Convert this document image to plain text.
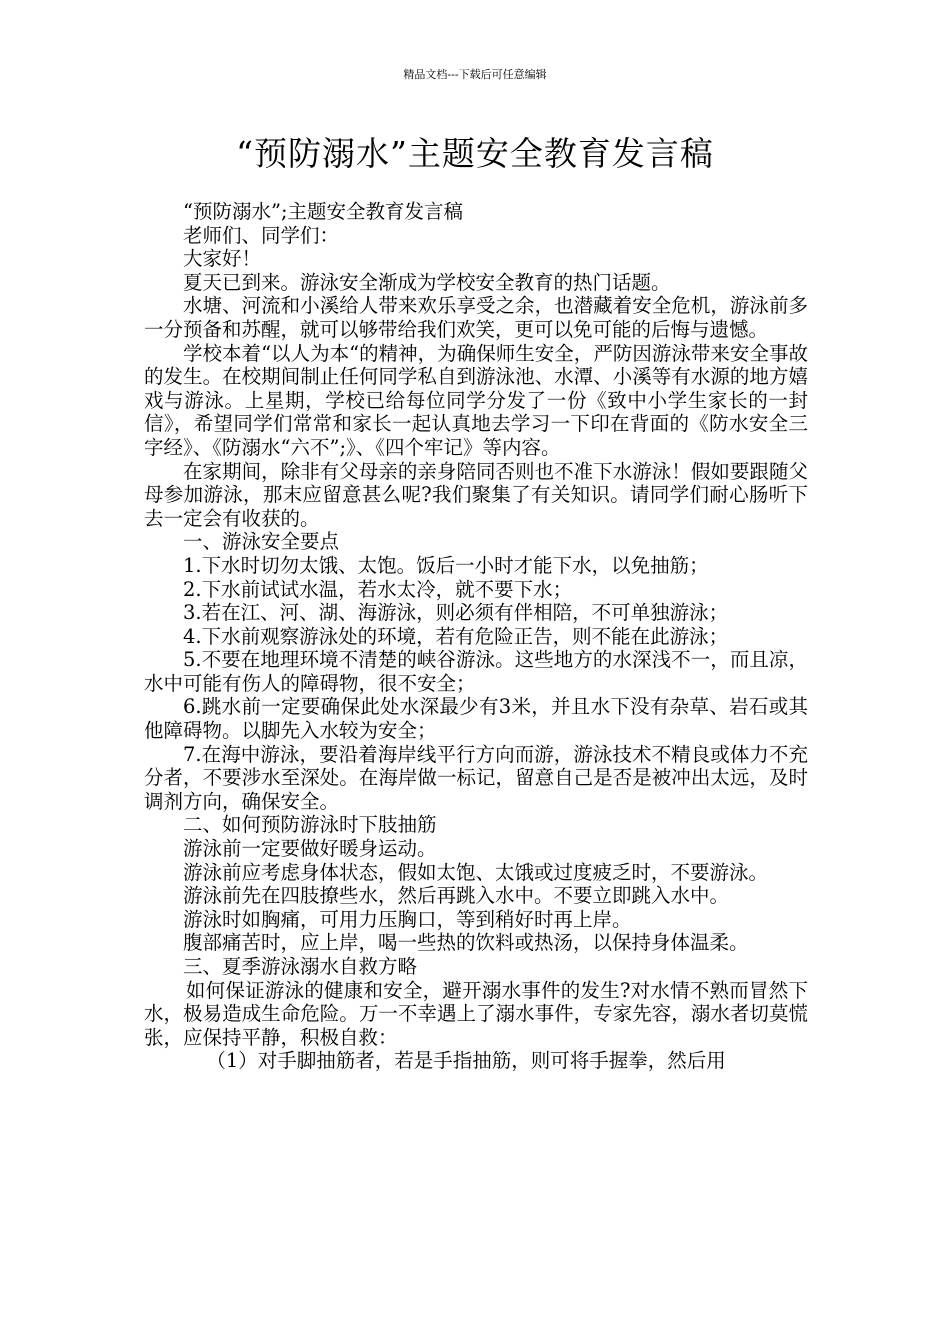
精品文档---下载后可任意编辑
“预防溺水”主题安全教育发言稿

“预防溺水”;主题安全教育发言稿

老师们、同学们：

大家好！

夏天已到来。游泳安全渐成为学校安全教育的热门话题。

水塘、河流和小溪给人带来欢乐享受之余，也潜藏着安全危机，游泳前多一分预备和苏醒，就可以够带给我们欢笑，更可以免可能的后悔与遗憾。

学校本着“以人为本“的精神，为确保师生安全，严防因游泳带来安全事故的发生。在校期间制止任何同学私自到游泳池、水潭、小溪等有水源的地方嬉戏与游泳。上星期，学校已给每位同学分发了一份《致中小学生家长的一封信》，希望同学们常常和家长一起认真地去学习一下印在背面的《防水安全三字经》、《防溺水“六不”;》、《四个牢记》等内容。

在家期间，除非有父母亲的亲身陪同否则也不准下水游泳！假如要跟随父母参加游泳，那末应留意甚么呢?我们聚集了有关知识。请同学们耐心肠听下去一定会有收获的。

一、游泳安全要点

1.下水时切勿太饿、太饱。饭后一小时才能下水，以免抽筋；

2.下水前试试水温，若水太冷，就不要下水；

3.若在江、河、湖、海游泳，则必须有伴相陪，不可单独游泳；

4.下水前观察游泳处的环境，若有危险正告，则不能在此游泳；

5.不要在地理环境不清楚的峡谷游泳。这些地方的水深浅不一，而且凉，水中可能有伤人的障碍物，很不安全；

6.跳水前一定要确保此处水深最少有3米，并且水下没有杂草、岩石或其他障碍物。以脚先入水较为安全；

7.在海中游泳，要沿着海岸线平行方向而游，游泳技术不精良或体力不充分者，不要涉水至深处。在海岸做一标记，留意自己是否是被冲出太远，及时调剂方向，确保安全。

二、如何预防游泳时下肢抽筋

游泳前一定要做好暖身运动。

游泳前应考虑身体状态，假如太饱、太饿或过度疲乏时，不要游泳。

游泳前先在四肢撩些水，然后再跳入水中。不要立即跳入水中。

游泳时如胸痛，可用力压胸口，等到稍好时再上岸。

腹部痛苦时，应上岸，喝一些热的饮料或热汤，以保持身体温柔。

三、夏季游泳溺水自救方略

如何保证游泳的健康和安全，避开溺水事件的发生?对水情不熟而冒然下水，极易造成生命危险。万一不幸遇上了溺水事件，专家先容，溺水者切莫慌张，应保持平静，积极自救：

（1）对手脚抽筋者，若是手指抽筋，则可将手握拳，然后用
